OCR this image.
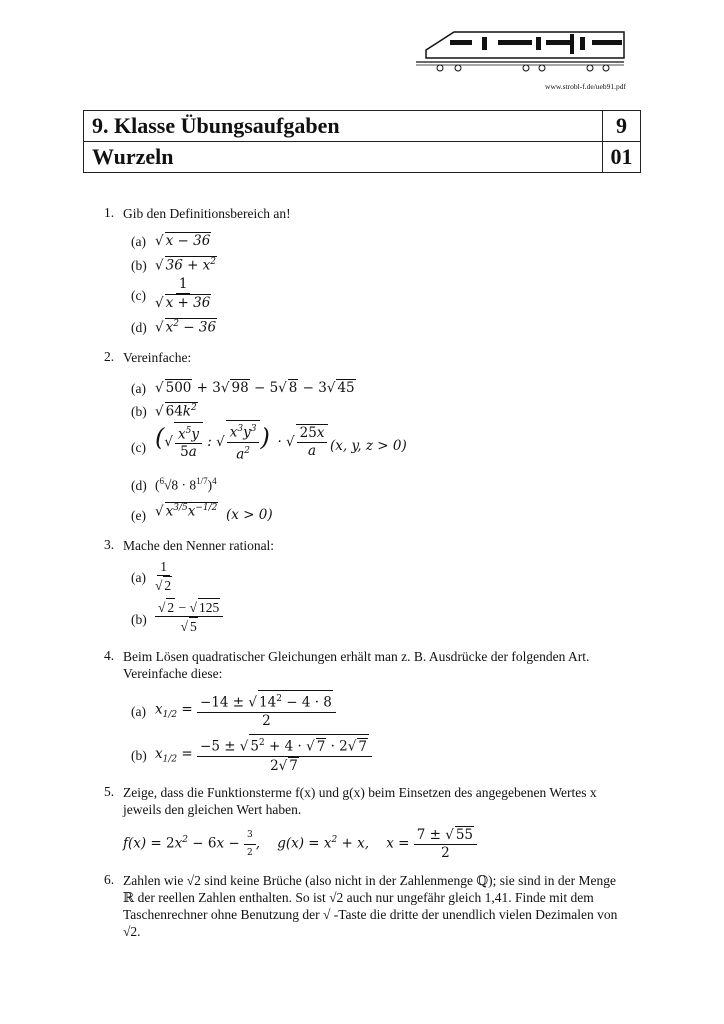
www.strobl-f.de/ueb91.pdf
9. Klasse Übungsaufgaben	9
Wurzeln	01
1. Gib den Definitionsbereich an!
(a) √ x − 36
(b) √ $36 + x^2$
$(c) \frac{1}{√ x + 36}$
(d) √ $x^2 - 36$
2. Vereinfache:
(a) √ 500 + 3√ 98 − 5√ 8 − 3√ 45
(b) √ $64k^2$
(c) (√ $\frac{x^5y}{5a}$ : √ $\frac{x^3y^3}{a^2}$ ) · √ $\frac{25x}{a} (x$, y, z > 0)
(d) $(^6√8 \cdot 8^{1/7})^4$
(e) √ $x^{3/5}x^{-1/2}$ (x > 0)
3. Mache den Nenner rational:
$(a) \frac{1}{√ 2}$
$(b) \frac{√ 2 - √ 125}{√ 5}$
4. Beim Lösen quadratischer Gleichungen erhält man z. B. Ausdrücke der folgenden Art. Vereinfache diese:
(a) $x_{1/2} = \frac{-14 \pm √ 14^2 - 4 \cdot 8}{2}$
(b) $x_{1/2} = \frac{-5 \pm √ 5^2 + 4 \cdot √ 7 \cdot 2√ 7}{2√ 7}$
5. Zeige, dass die Funktionsterme f(x) und g(x) beim Einsetzen des angegebenen Wertes x jeweils den gleichen Wert haben.
$f(x) = 2x^2 - 6x - \frac{3}{2}$ ,    $g(x) = x^2 + x$,    $x = \frac{7 \pm √ 55}{2}$
6. Zahlen wie √2 sind keine Brüche (also nicht in der Zahlenmenge ℚ); sie sind in der Menge ℝ der reellen Zahlen enthalten. So ist √2 auch nur ungefähr gleich 1,41. Finde mit dem Taschenrechner ohne Benutzung der √ -Taste die dritte der unendlich vielen Dezimalen von √2.
